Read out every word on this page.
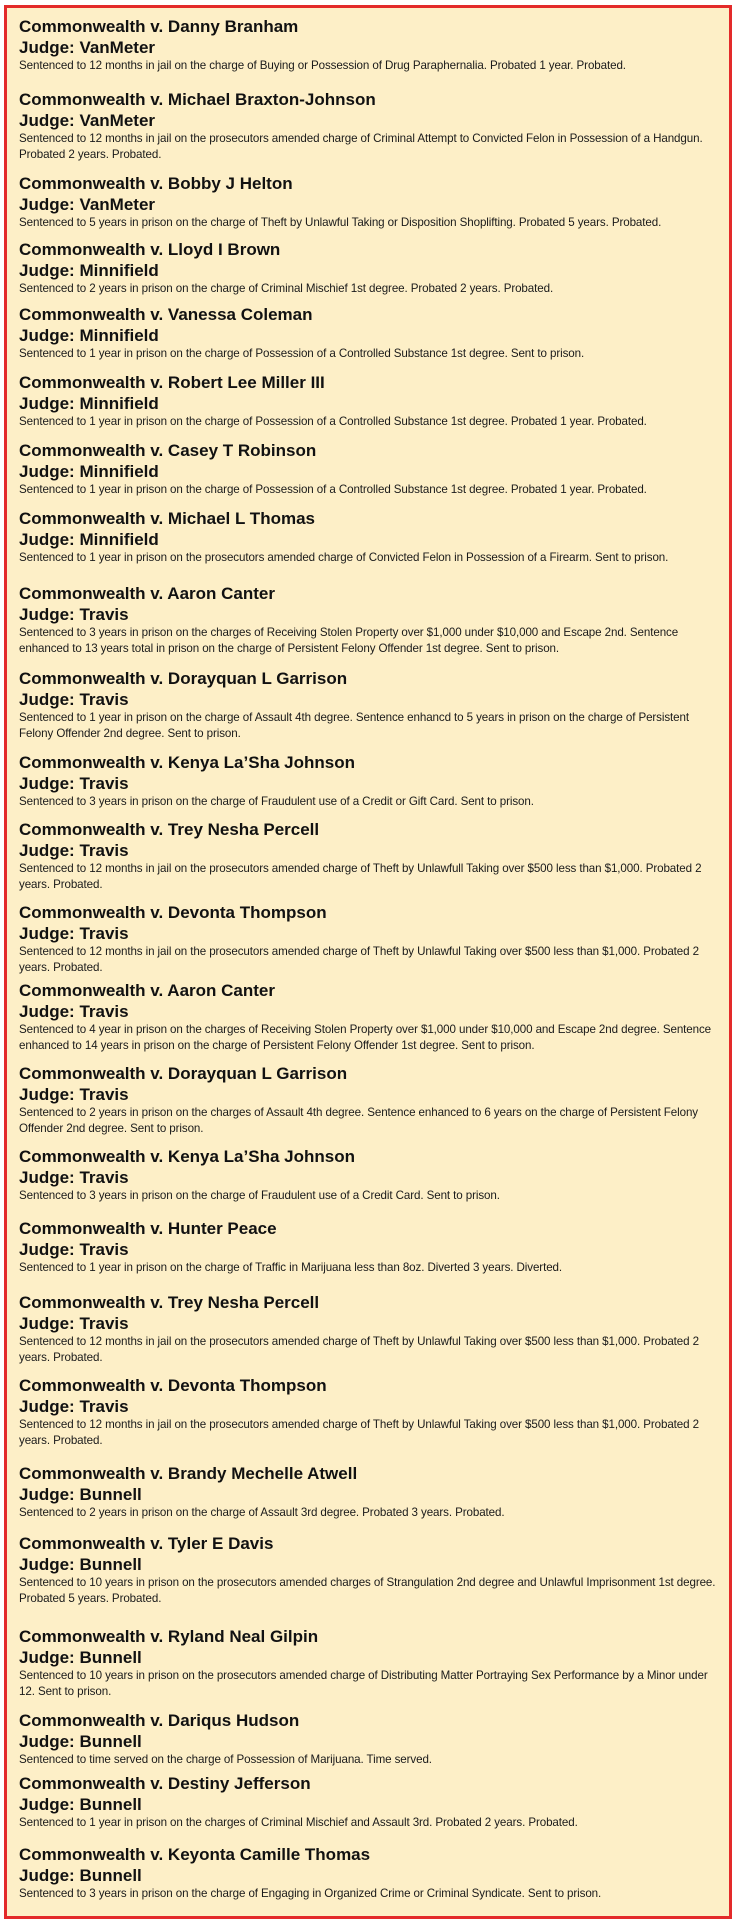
Commonwealth v. Danny Branham
Judge: VanMeter
Sentenced to 12 months in jail on the charge of Buying or Possession of Drug Paraphernalia. Probated 1 year. Probated.
Commonwealth v. Michael Braxton-Johnson
Judge: VanMeter
Sentenced to 12 months in jail on the prosecutors amended charge of Criminal Attempt to Convicted Felon in Possession of a Handgun. Probated 2 years. Probated.
Commonwealth v. Bobby J Helton
Judge: VanMeter
Sentenced to 5 years in prison on the charge of Theft by Unlawful Taking or Disposition Shoplifting. Probated 5 years. Probated.
Commonwealth v. Lloyd I Brown
Judge: Minnifield
Sentenced to 2 years in prison on the charge of Criminal Mischief 1st degree. Probated 2 years. Probated.
Commonwealth v. Vanessa Coleman
Judge: Minnifield
Sentenced to 1 year in prison on the charge of Possession of a Controlled Substance 1st degree. Sent to prison.
Commonwealth v. Robert Lee Miller III
Judge: Minnifield
Sentenced to 1 year in prison on the charge of Possession of a Controlled Substance 1st degree. Probated 1 year. Probated.
Commonwealth v. Casey T Robinson
Judge: Minnifield
Sentenced to 1 year in prison on the charge of Possession of a Controlled Substance 1st degree. Probated 1 year. Probated.
Commonwealth v. Michael L Thomas
Judge: Minnifield
Sentenced to 1 year in prison on the prosecutors amended charge of Convicted Felon in Possession of a Firearm. Sent to prison.
Commonwealth v. Aaron Canter
Judge: Travis
Sentenced to 3 years in prison on the charges of Receiving Stolen Property over $1,000 under $10,000 and Escape 2nd. Sentence enhanced to 13 years total in prison on the charge of Persistent Felony Offender 1st degree. Sent to prison.
Commonwealth v. Dorayquan L Garrison
Judge: Travis
Sentenced to 1 year in prison on the charge of Assault 4th degree. Sentence enhancd to 5 years in prison on the charge of Persistent Felony Offender 2nd degree. Sent to prison.
Commonwealth v. Kenya La’Sha Johnson
Judge: Travis
Sentenced to 3 years in prison on the charge of Fraudulent use of a Credit or Gift Card. Sent to prison.
Commonwealth v. Trey Nesha Percell
Judge: Travis
Sentenced to 12 months in jail on the prosecutors amended charge of Theft by Unlawfull Taking over $500 less than $1,000. Probated 2 years. Probated.
Commonwealth v. Devonta Thompson
Judge: Travis
Sentenced to 12 months in jail on the prosecutors amended charge of Theft by Unlawful Taking over $500 less than $1,000. Probated 2 years. Probated.
Commonwealth v. Aaron Canter
Judge: Travis
Sentenced to 4 year in prison on the charges of Receiving Stolen Property over $1,000 under $10,000 and Escape 2nd degree. Sentence enhanced to 14 years in prison on the charge of Persistent Felony Offender 1st degree. Sent to prison.
Commonwealth v. Dorayquan L Garrison
Judge: Travis
Sentenced to 2 years in prison on the charges of Assault 4th degree. Sentence enhanced to 6 years on the charge of Persistent Felony Offender 2nd degree. Sent to prison.
Commonwealth v. Kenya La’Sha Johnson
Judge: Travis
Sentenced to 3 years in prison on the charge of Fraudulent use of a Credit Card. Sent to prison.
Commonwealth v. Hunter Peace
Judge: Travis
Sentenced to 1 year in prison on the charge of Traffic in Marijuana less than 8oz. Diverted 3 years. Diverted.
Commonwealth v. Trey Nesha Percell
Judge: Travis
Sentenced to 12 months in jail on the prosecutors amended charge of Theft by Unlawful Taking over $500 less than $1,000. Probated 2 years. Probated.
Commonwealth v. Devonta Thompson
Judge: Travis
Sentenced to 12 months in jail on the prosecutors amended charge of Theft by Unlawful Taking over $500 less than $1,000. Probated 2 years. Probated.
Commonwealth v. Brandy Mechelle Atwell
Judge: Bunnell
Sentenced to 2 years in prison on the charge of Assault 3rd degree. Probated 3 years. Probated.
Commonwealth v. Tyler E Davis
Judge: Bunnell
Sentenced to 10 years in prison on the prosecutors amended charges of Strangulation 2nd degree and Unlawful Imprisonment 1st degree. Probated 5 years. Probated.
Commonwealth v. Ryland Neal Gilpin
Judge: Bunnell
Sentenced to 10 years in prison on the prosecutors amended charge of Distributing Matter Portraying Sex Performance by a Minor under 12. Sent to prison.
Commonwealth v. Dariqus Hudson
Judge: Bunnell
Sentenced to time served on the charge of Possession of Marijuana. Time served.
Commonwealth v. Destiny Jefferson
Judge: Bunnell
Sentenced to 1 year in prison on the charges of Criminal Mischief and Assault 3rd. Probated 2 years. Probated.
Commonwealth v. Keyonta Camille Thomas
Judge: Bunnell
Sentenced to 3 years in prison on the charge of Engaging in Organized Crime or Criminal Syndicate. Sent to prison.
